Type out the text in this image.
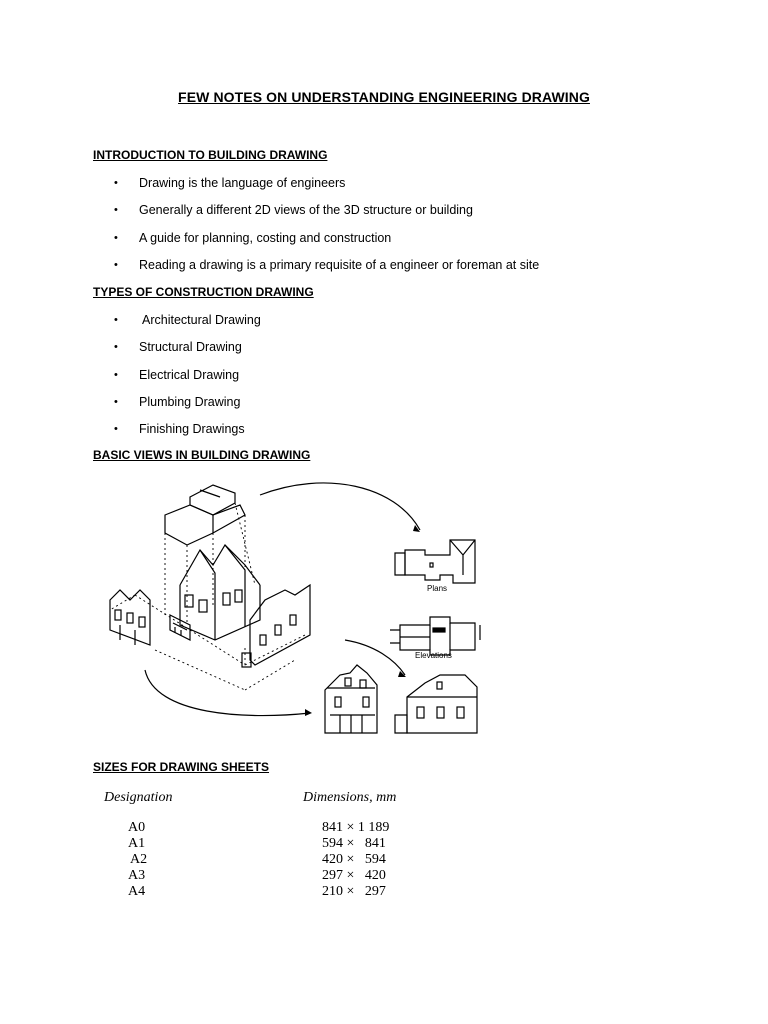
FEW NOTES ON UNDERSTANDING ENGINEERING DRAWING
INTRODUCTION TO BUILDING DRAWING
• Drawing is the language of engineers
• Generally a different 2D views of the 3D structure or building
• A guide for planning, costing and construction
• Reading a drawing is a primary requisite of a engineer or foreman at site
TYPES OF CONSTRUCTION DRAWING
• Architectural Drawing
• Structural Drawing
• Electrical Drawing
• Plumbing Drawing
• Finishing Drawings
BASIC VIEWS IN BUILDING DRAWING
Plans
Elevations
SIZES FOR DRAWING SHEETS
Designation	Dimensions, mm
A0	841 × 1 189
A1	594 ×   841
A2	420 ×   594
A3	297 ×   420
A4	210 ×   297
